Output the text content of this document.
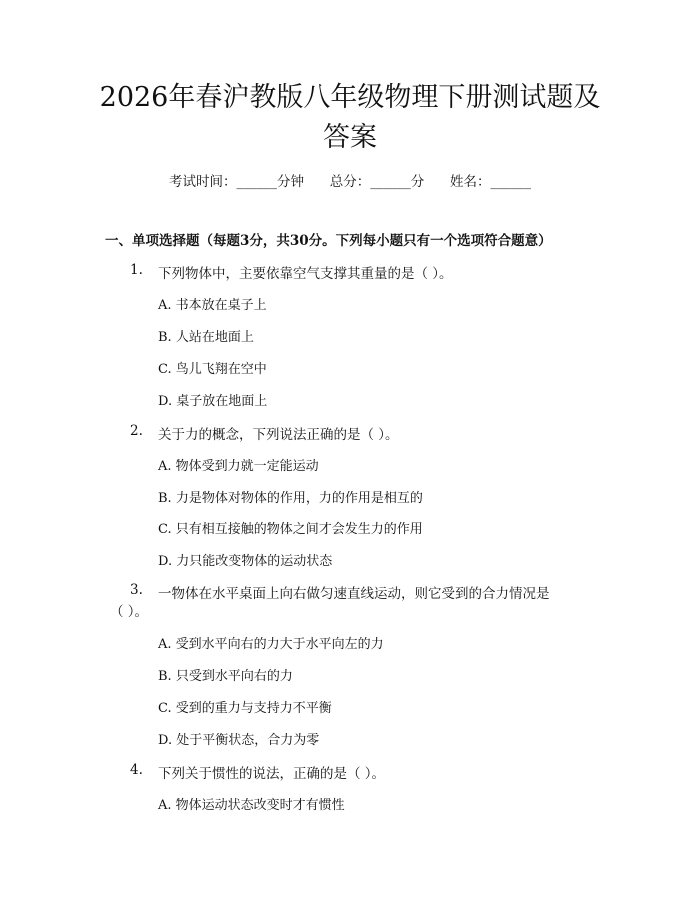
2026年春沪教版八年级物理下册测试题及答案
考试时间：______分钟      总分：______分      姓名：______
一、单项选择题（每题3分，共30分。下列每小题只有一个选项符合题意）
1. 下列物体中，主要依靠空气支撑其重量的是（ ）。
A. 书本放在桌子上
B. 人站在地面上
C. 鸟儿飞翔在空中
D. 桌子放在地面上
2. 关于力的概念，下列说法正确的是（ ）。
A. 物体受到力就一定能运动
B. 力是物体对物体的作用，力的作用是相互的
C. 只有相互接触的物体之间才会发生力的作用
D. 力只能改变物体的运动状态
3. 一物体在水平桌面上向右做匀速直线运动，则它受到的合力情况是
（ ）。
A. 受到水平向右的力大于水平向左的力
B. 只受到水平向右的力
C. 受到的重力与支持力不平衡
D. 处于平衡状态，合力为零
4. 下列关于惯性的说法，正确的是（ ）。
A. 物体运动状态改变时才有惯性
